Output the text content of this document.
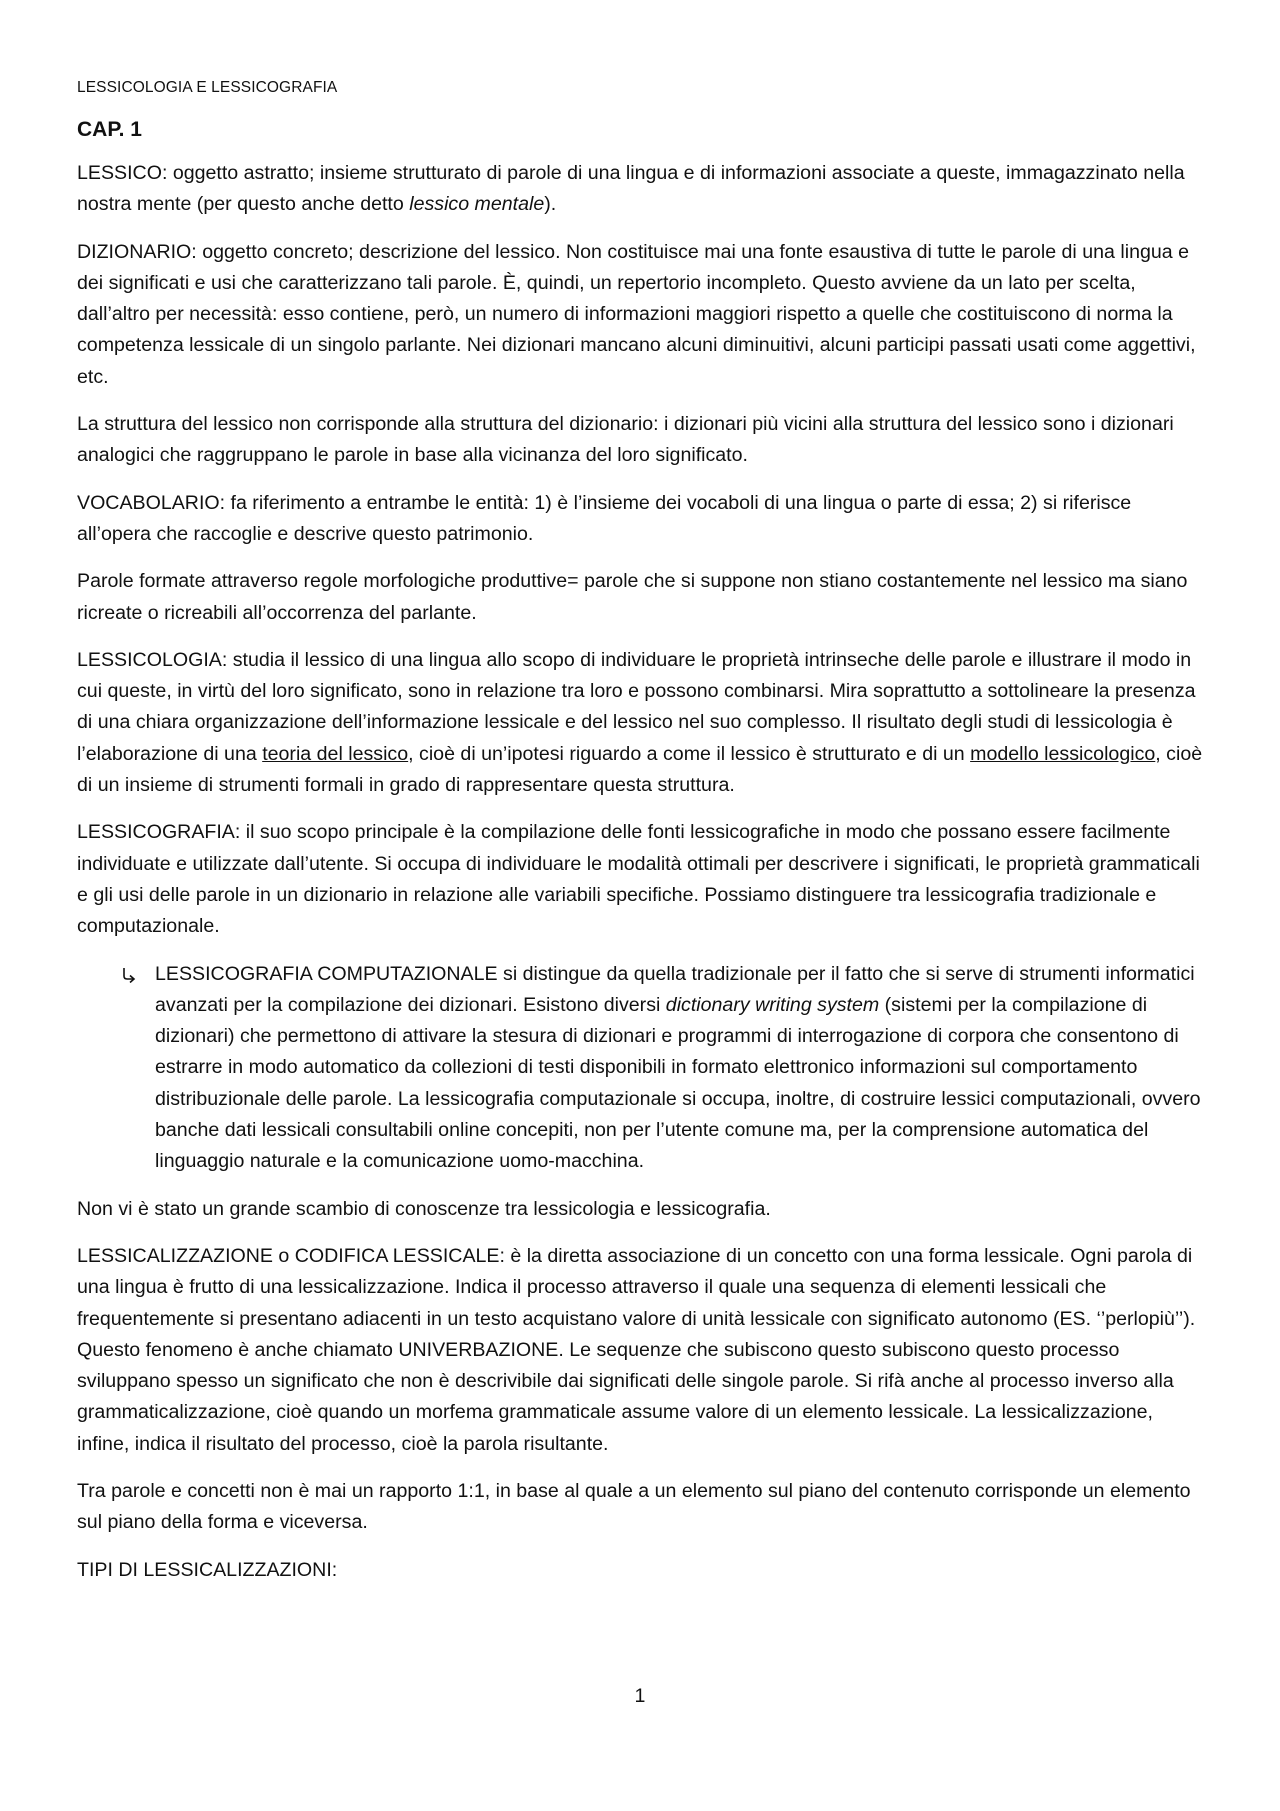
LESSICOLOGIA E LESSICOGRAFIA
CAP. 1

LESSICO: oggetto astratto; insieme strutturato di parole di una lingua e di informazioni associate a queste, immagazzinato nella nostra mente (per questo anche detto lessico mentale).

DIZIONARIO: oggetto concreto; descrizione del lessico. Non costituisce mai una fonte esaustiva di tutte le parole di una lingua e dei significati e usi che caratterizzano tali parole. È, quindi, un repertorio incompleto. Questo avviene da un lato per scelta, dall’altro per necessità: esso contiene, però, un numero di informazioni maggiori rispetto a quelle che costituiscono di norma la competenza lessicale di un singolo parlante. Nei dizionari mancano alcuni diminuitivi, alcuni participi passati usati come aggettivi, etc.

La struttura del lessico non corrisponde alla struttura del dizionario: i dizionari più vicini alla struttura del lessico sono i dizionari analogici che raggruppano le parole in base alla vicinanza del loro significato.

VOCABOLARIO: fa riferimento a entrambe le entità: 1) è l’insieme dei vocaboli di una lingua o parte di essa; 2) si riferisce all’opera che raccoglie e descrive questo patrimonio.

Parole formate attraverso regole morfologiche produttive= parole che si suppone non stiano costantemente nel lessico ma siano ricreate o ricreabili all’occorrenza del parlante.

LESSICOLOGIA: studia il lessico di una lingua allo scopo di individuare le proprietà intrinseche delle parole e illustrare il modo in cui queste, in virtù del loro significato, sono in relazione tra loro e possono combinarsi. Mira soprattutto a sottolineare la presenza di una chiara organizzazione dell’informazione lessicale e del lessico nel suo complesso. Il risultato degli studi di lessicologia è l’elaborazione di una teoria del lessico, cioè di un’ipotesi riguardo a come il lessico è strutturato e di un modello lessicologico, cioè di un insieme di strumenti formali in grado di rappresentare questa struttura.

LESSICOGRAFIA: il suo scopo principale è la compilazione delle fonti lessicografiche in modo che possano essere facilmente individuate e utilizzate dall’utente. Si occupa di individuare le modalità ottimali per descrivere i significati, le proprietà grammaticali e gli usi delle parole in un dizionario in relazione alle variabili specifiche. Possiamo distinguere tra lessicografia tradizionale e computazionale.

LESSICOGRAFIA COMPUTAZIONALE si distingue da quella tradizionale per il fatto che si serve di strumenti informatici avanzati per la compilazione dei dizionari. Esistono diversi dictionary writing system (sistemi per la compilazione di dizionari) che permettono di attivare la stesura di dizionari e programmi di interrogazione di corpora che consentono di estrarre in modo automatico da collezioni di testi disponibili in formato elettronico informazioni sul comportamento distribuzionale delle parole. La lessicografia computazionale si occupa, inoltre, di costruire lessici computazionali, ovvero banche dati lessicali consultabili online concepiti, non per l’utente comune ma, per la comprensione automatica del linguaggio naturale e la comunicazione uomo-macchina.

Non vi è stato un grande scambio di conoscenze tra lessicologia e lessicografia.

LESSICALIZZAZIONE o CODIFICA LESSICALE: è la diretta associazione di un concetto con una forma lessicale. Ogni parola di una lingua è frutto di una lessicalizzazione. Indica il processo attraverso il quale una sequenza di elementi lessicali che frequentemente si presentano adiacenti in un testo acquistano valore di unità lessicale con significato autonomo (ES. ‘’perlopiù’’). Questo fenomeno è anche chiamato UNIVERBAZIONE. Le sequenze che subiscono questo subiscono questo processo sviluppano spesso un significato che non è descrivibile dai significati delle singole parole. Si rifà anche al processo inverso alla grammaticalizzazione, cioè quando un morfema grammaticale assume valore di un elemento lessicale. La lessicalizzazione, infine, indica il risultato del processo, cioè la parola risultante.

Tra parole e concetti non è mai un rapporto 1:1, in base al quale a un elemento sul piano del contenuto corrisponde un elemento sul piano della forma e viceversa.

TIPI DI LESSICALIZZAZIONI:

1
